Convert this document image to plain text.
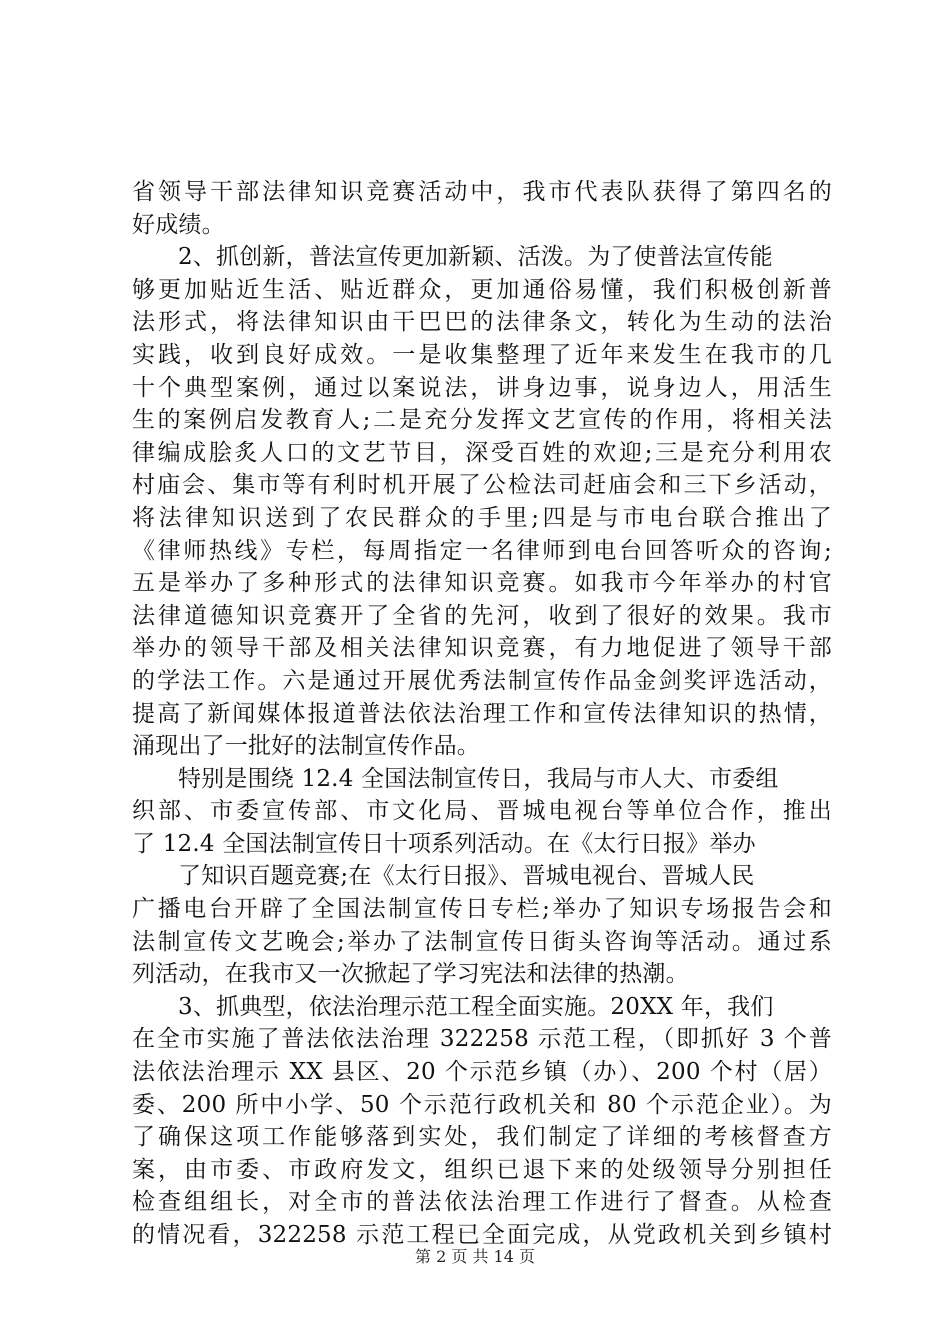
省领导干部法律知识竞赛活动中，我市代表队获得了第四名的
好成绩。
2、抓创新，普法宣传更加新颖、活泼。为了使普法宣传能
够更加贴近生活、贴近群众，更加通俗易懂，我们积极创新普
法形式，将法律知识由干巴巴的法律条文，转化为生动的法治
实践，收到良好成效。一是收集整理了近年来发生在我市的几
十个典型案例，通过以案说法，讲身边事，说身边人，用活生
生的案例启发教育人;二是充分发挥文艺宣传的作用，将相关法
律编成脍炙人口的文艺节目，深受百姓的欢迎;三是充分利用农
村庙会、集市等有利时机开展了公检法司赶庙会和三下乡活动，
将法律知识送到了农民群众的手里;四是与市电台联合推出了
《律师热线》专栏，每周指定一名律师到电台回答听众的咨询;
五是举办了多种形式的法律知识竞赛。如我市今年举办的村官
法律道德知识竞赛开了全省的先河，收到了很好的效果。我市
举办的领导干部及相关法律知识竞赛，有力地促进了领导干部
的学法工作。六是通过开展优秀法制宣传作品金剑奖评选活动，
提高了新闻媒体报道普法依法治理工作和宣传法律知识的热情，
涌现出了一批好的法制宣传作品。
特别是围绕 12.4 全国法制宣传日，我局与市人大、市委组
织部、市委宣传部、市文化局、晋城电视台等单位合作，推出
了 12.4 全国法制宣传日十项系列活动。在《太行日报》举办
了知识百题竞赛;在《太行日报》、晋城电视台、晋城人民
广播电台开辟了全国法制宣传日专栏;举办了知识专场报告会和
法制宣传文艺晚会;举办了法制宣传日街头咨询等活动。通过系
列活动，在我市又一次掀起了学习宪法和法律的热潮。
3、抓典型，依法治理示范工程全面实施。20XX 年，我们
在全市实施了普法依法治理 322258 示范工程，（即抓好 3 个普
法依法治理示 XX 县区、20 个示范乡镇（办）、200 个村（居）
委、200 所中小学、50 个示范行政机关和 80 个示范企业）。为
了确保这项工作能够落到实处，我们制定了详细的考核督查方
案，由市委、市政府发文，组织已退下来的处级领导分别担任
检查组组长，对全市的普法依法治理工作进行了督查。从检查
的情况看，322258 示范工程已全面完成，从党政机关到乡镇村
第 2 页 共 14 页
